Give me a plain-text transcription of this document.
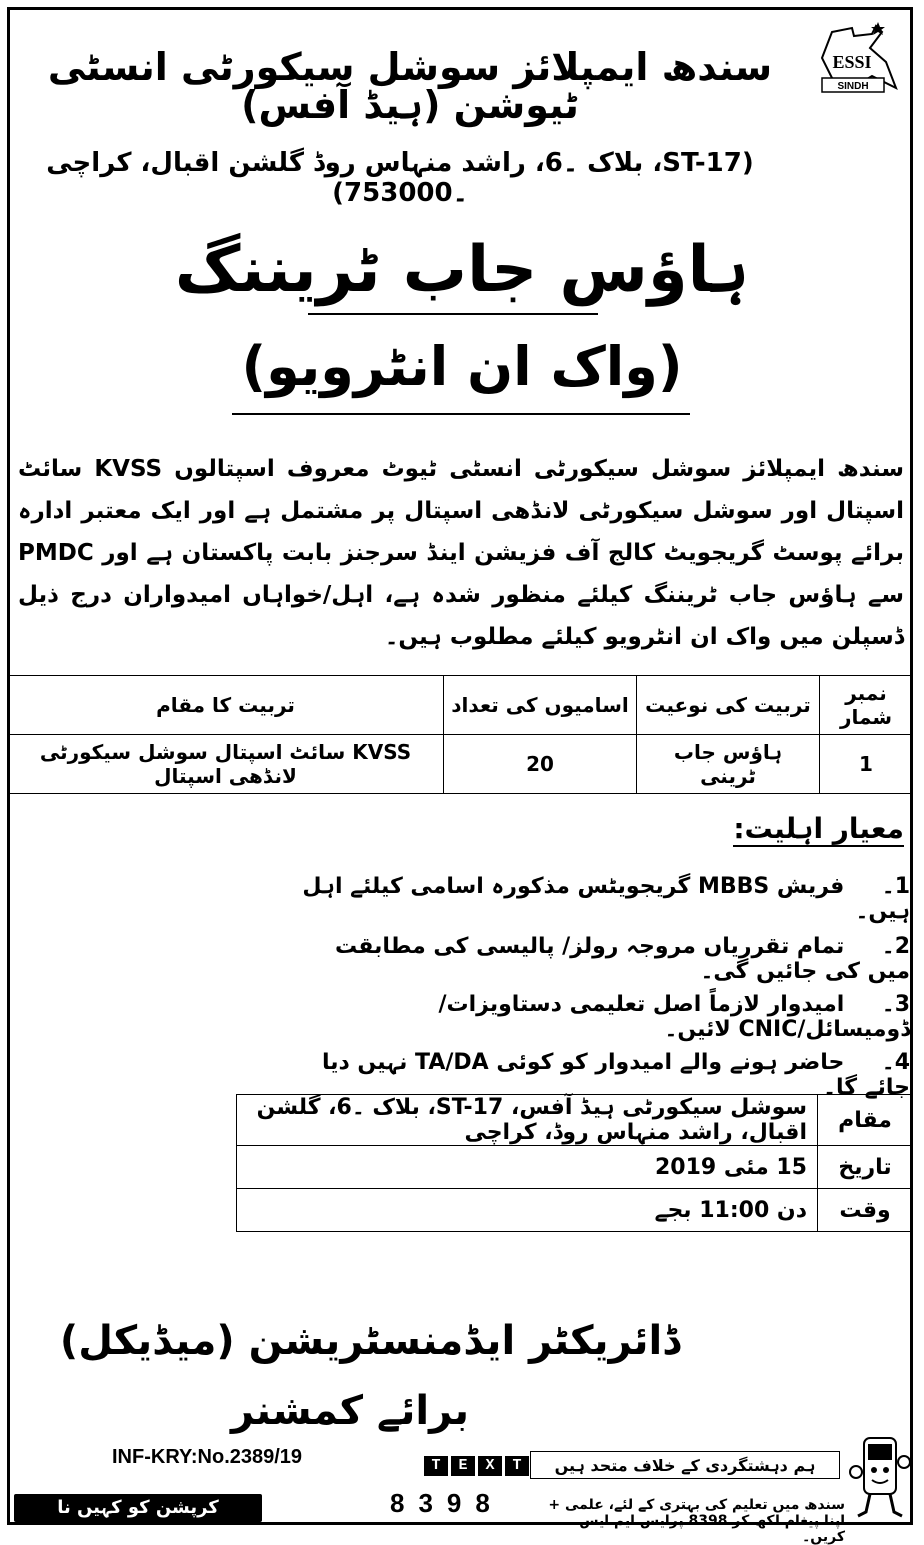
ESSI
SINDH
سندھ ایمپلائز سوشل سیکورٹی انسٹی ٹیوشن (ہیڈ آفس)
(ST-17، بلاک ۔6، راشد منہاس روڈ گلشن اقبال، کراچی ۔753000)
ہاؤس جاب ٹریننگ
(واک ان انٹرویو)
سندھ ایمپلائز سوشل سیکورٹی انسٹی ٹیوٹ معروف اسپتالوں KVSS سائٹ اسپتال اور سوشل سیکورٹی لانڈھی اسپتال پر مشتمل ہے اور ایک معتبر ادارہ برائے پوسٹ گریجویٹ کالج آف فزیشن اینڈ سرجنز بابت پاکستان ہے اور PMDC سے ہاؤس جاب ٹریننگ کیلئے منظور شدہ ہے، اہل/خواہاں امیدواران درج ذیل ڈسپلن میں واک ان انٹرویو کیلئے مطلوب ہیں۔
نمبر شمار	تربیت کی نوعیت	اسامیوں کی تعداد	تربیت کا مقام
1	ہاؤس جاب ٹرینی	20	KVSS سائٹ اسپتال سوشل سیکورٹی لانڈھی اسپتال
معیار اہلیت:
1۔ فریش MBBS گریجویٹس مذکورہ اسامی کیلئے اہل ہیں۔
2۔ تمام تقرریاں مروجہ رولز/ پالیسی کی مطابقت میں کی جائیں گی۔
3۔ امیدوار لازماً اصل تعلیمی دستاویزات/ ڈومیسائل/CNIC لائیں۔
4۔ حاضر ہونے والے امیدوار کو کوئی TA/DA نہیں دیا جائے گا۔
مقام	سوشل سیکورٹی ہیڈ آفس، ST-17، بلاک ۔6، گلشن اقبال، راشد منہاس روڈ، کراچی	
تاریخ	15 مئی 2019	
وقت	دن 11:00 بجے	
ڈائریکٹر ایڈمنسٹریشن (میڈیکل)
برائے کمشنر
INF-KRY:No.2389/19	T	E	X	T	ہم دہشتگردی کے خلاف متحد ہیں
8398	سندھ میں تعلیم کی بہتری کے لئے، علمی + اپنا پیغام لکھ کر 8398 پرایس ایم ایس کریں۔
کرپشن کو کہیں نا
